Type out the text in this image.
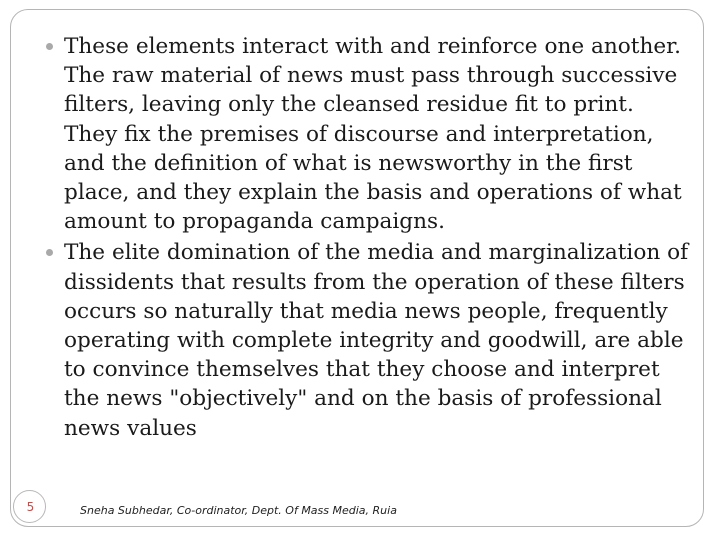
These elements interact with and reinforce one another. The raw material of news must pass through successive filters, leaving only the cleansed residue fit to print. They fix the premises of discourse and interpretation, and the definition of what is newsworthy in the first place, and they explain the basis and operations of what amount to propaganda campaigns.
The elite domination of the media and marginalization of dissidents that results from the operation of these filters occurs so naturally that media news people, frequently operating with complete integrity and goodwill, are able to convince themselves that they choose and interpret the news "objectively" and on the basis of professional news values
5	Sneha Subhedar, Co-ordinator, Dept. Of Mass Media, Ruia
